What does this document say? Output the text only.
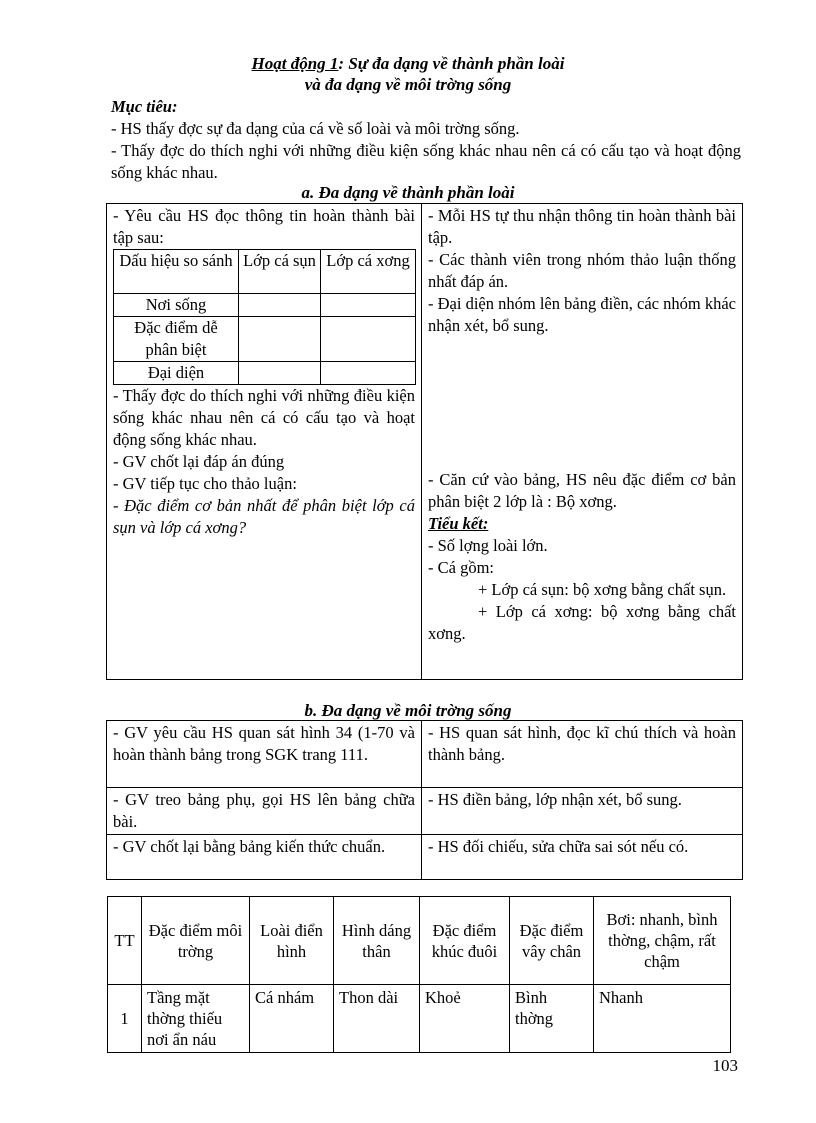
Hoạt động 1: Sự đa dạng về thành phần loài
và đa dạng về môi trờng sống
Mục tiêu:
- HS thấy đợc sự đa dạng của cá về số loài và môi trờng sống.
- Thấy đợc do thích nghi với những điều kiện sống khác nhau nên cá có cấu tạo và hoạt động sống khác nhau.
a. Đa dạng về thành phần loài
- Yêu cầu HS đọc thông tin hoàn thành bài tập sau:
Dấu hiệu so sánh	Lớp cá sụn	Lớp cá xơng
Nơi sống		
Đặc điểm dễ phân biệt		
Đại diện		
- Thấy đợc do thích nghi với những điều kiện sống khác nhau nên cá có cấu tạo và hoạt động sống khác nhau.
- GV chốt lại đáp án đúng
- GV tiếp tục cho thảo luận:
- Đặc điểm cơ bản nhất để phân biệt lớp cá sụn và lớp cá xơng?

- Mỗi HS tự thu nhận thông tin hoàn thành bài tập.
- Các thành viên trong nhóm thảo luận thống nhất đáp án.
- Đại diện nhóm lên bảng điền, các nhóm khác nhận xét, bổ sung.
- Căn cứ vào bảng, HS nêu đặc điểm cơ bản phân biệt 2 lớp là : Bộ xơng.
Tiểu kết:
- Số lợng loài lớn.
- Cá gồm:
+ Lớp cá sụn: bộ xơng bằng chất sụn.
+ Lớp cá xơng: bộ xơng bằng chất xơng.
b. Đa dạng về môi trờng sống
- GV yêu cầu HS quan sát hình 34 (1-70 và hoàn thành bảng trong SGK trang 111.	- HS quan sát hình, đọc kĩ chú thích và hoàn thành bảng.
- GV treo bảng phụ, gọi HS lên bảng chữa bài.	- HS điền bảng, lớp nhận xét, bổ sung.
- GV chốt lại bằng bảng kiến thức chuẩn.	- HS đối chiếu, sửa chữa sai sót nếu có.
TT	Đặc điểm môi trờng	Loài điển hình	Hình dáng thân	Đặc điểm khúc đuôi	Đặc điểm vây chân	Bơi: nhanh, bình thờng, chậm, rất chậm
1	Tầng mặt thờng thiếu nơi ẩn náu	Cá nhám	Thon dài	Khoẻ	Bình thờng	Nhanh
103
